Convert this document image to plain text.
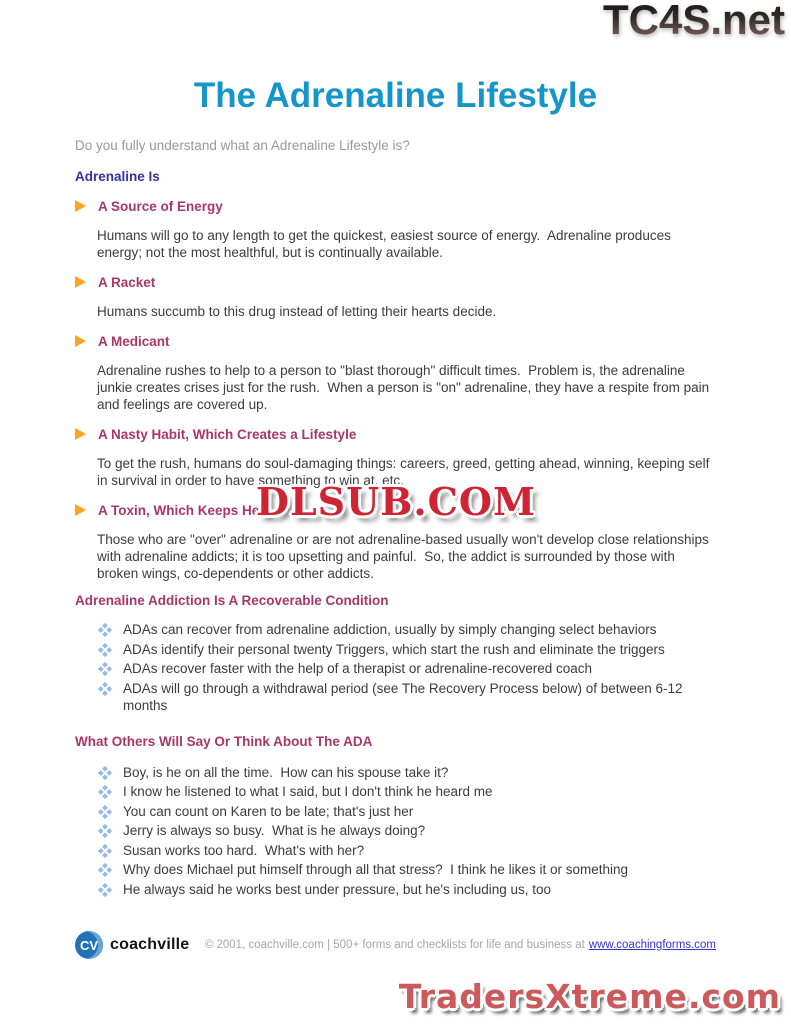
TC4S.net
The Adrenaline Lifestyle
Do you fully understand what an Adrenaline Lifestyle is?
Adrenaline Is
A Source of Energy

Humans will go to any length to get the quickest, easiest source of energy.  Adrenaline produces energy; not the most healthful, but is continually available.

A Racket

Humans succumb to this drug instead of letting their hearts decide.

A Medicant

Adrenaline rushes to help to a person to "blast thorough" difficult times.  Problem is, the adrenaline junkie creates crises just for the rush.  When a person is "on" adrenaline, they have a respite from pain and feelings are covered up.

A Nasty Habit, Which Creates a Lifestyle

To get the rush, humans do soul-damaging things: careers, greed, getting ahead, winning, keeping self in survival in order to have something to win at, etc.

A Toxin, Which Keeps Hea

Those who are "over" adrenaline or are not adrenaline-based usually won't develop close relationships with adrenaline addicts; it is too upsetting and painful.  So, the addict is surrounded by those with broken wings, co-dependents or other addicts.

Adrenaline Addiction Is A Recoverable Condition
ADAs can recover from adrenaline addiction, usually by simply changing select behaviors
ADAs identify their personal twenty Triggers, which start the rush and eliminate the triggers
ADAs recover faster with the help of a therapist or adrenaline-recovered coach
ADAs will go through a withdrawal period (see The Recovery Process below) of between 6-12 months
What Others Will Say Or Think About The ADA
Boy, is he on all the time.  How can his spouse take it?
I know he listened to what I said, but I don't think he heard me
You can count on Karen to be late; that's just her
Jerry is always so busy.  What is he always doing?
Susan works too hard.  What's with her?
Why does Michael put himself through all that stress?  I think he likes it or something
He always said he works best under pressure, but he's including us, too
DLSUB.COM
CV coachville © 2001, coachville.com | 500+ forms and checklists for life and business at www.coachingforms.com
TradersXtreme.com
